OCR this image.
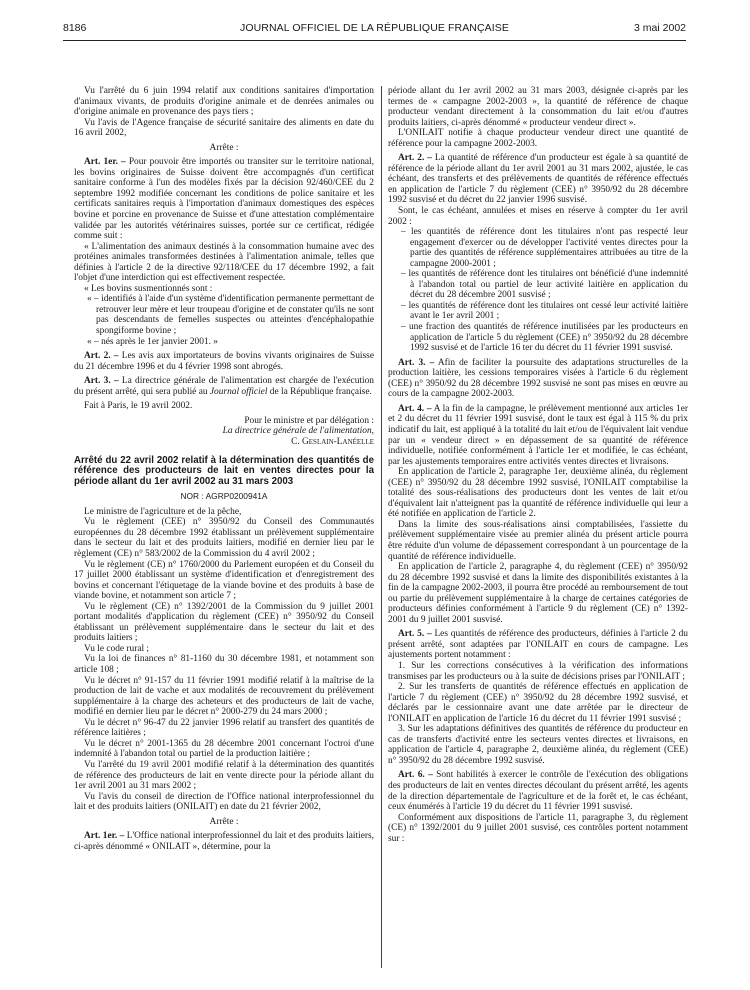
8186	JOURNAL OFFICIEL DE LA RÉPUBLIQUE FRANÇAISE	3 mai 2002

Vu l'arrêté du 6 juin 1994 relatif aux conditions sanitaires d'importation d'animaux vivants, de produits d'origine animale et de denrées animales ou d'origine animale en provenance des pays tiers ;

Vu l'avis de l'Agence française de sécurité sanitaire des aliments en date du 16 avril 2002,

Arrête :

Art. 1er. – Pour pouvoir être importés ou transiter sur le territoire national, les bovins originaires de Suisse doivent être accompagnés d'un certificat sanitaire conforme à l'un des modèles fixés par la décision 92/460/CEE du 2 septembre 1992 modifiée concernant les conditions de police sanitaire et les certificats sanitaires requis à l'importation d'animaux domestiques des espèces bovine et porcine en provenance de Suisse et d'une attestation complémentaire validée par les autorités vétérinaires suisses, portée sur ce certificat, rédigée comme suit :

« L'alimentation des animaux destinés à la consommation humaine avec des protéines animales transformées destinées à l'alimentation animale, telles que définies à l'article 2 de la directive 92/118/CEE du 17 décembre 1992, a fait l'objet d'une interdiction qui est effectivement respectée.

« Les bovins susmentionnés sont :

« – identifiés à l'aide d'un système d'identification permanente permettant de retrouver leur mère et leur troupeau d'origine et de constater qu'ils ne sont pas descendants de femelles suspectes ou atteintes d'encéphalopathie spongiforme bovine ;

« – nés après le 1er janvier 2001. »

Art. 2. – Les avis aux importateurs de bovins vivants originaires de Suisse du 21 décembre 1996 et du 4 février 1998 sont abrogés.

Art. 3. – La directrice générale de l'alimentation est chargée de l'exécution du présent arrêté, qui sera publié au Journal officiel de la République française.

Fait à Paris, le 19 avril 2002.

Pour le ministre et par délégation :

La directrice générale de l'alimentation,

C. Geslain-Lanéelle

Arrêté du 22 avril 2002 relatif à la détermination des quantités de référence des producteurs de lait en ventes directes pour la période allant du 1er avril 2002 au 31 mars 2003

NOR : AGRP0200941A

Le ministre de l'agriculture et de la pêche,

Vu le règlement (CEE) n° 3950/92 du Conseil des Communautés européennes du 28 décembre 1992 établissant un prélèvement supplémentaire dans le secteur du lait et des produits laitiers, modifié en dernier lieu par le règlement (CE) n° 583/2002 de la Commission du 4 avril 2002 ;

Vu le règlement (CE) n° 1760/2000 du Parlement européen et du Conseil du 17 juillet 2000 établissant un système d'identification et d'enregistrement des bovins et concernant l'étiquetage de la viande bovine et des produits à base de viande bovine, et notamment son article 7 ;

Vu le règlement (CE) n° 1392/2001 de la Commission du 9 juillet 2001 portant modalités d'application du règlement (CEE) n° 3950/92 du Conseil établissant un prélèvement supplémentaire dans le secteur du lait et des produits laitiers ;

Vu le code rural ;

Vu la loi de finances n° 81-1160 du 30 décembre 1981, et notamment son article 108 ;

Vu le décret n° 91-157 du 11 février 1991 modifié relatif à la maîtrise de la production de lait de vache et aux modalités de recouvrement du prélèvement supplémentaire à la charge des acheteurs et des producteurs de lait de vache, modifié en dernier lieu par le décret n° 2000-279 du 24 mars 2000 ;

Vu le décret n° 96-47 du 22 janvier 1996 relatif au transfert des quantités de référence laitières ;

Vu le décret n° 2001-1365 du 28 décembre 2001 concernant l'octroi d'une indemnité à l'abandon total ou partiel de la production laitière ;

Vu l'arrêté du 19 avril 2001 modifié relatif à la détermination des quantités de référence des producteurs de lait en vente directe pour la période allant du 1er avril 2001 au 31 mars 2002 ;

Vu l'avis du conseil de direction de l'Office national interprofessionnel du lait et des produits laitiers (ONILAIT) en date du 21 février 2002,

Arrête :

Art. 1er. – L'Office national interprofessionnel du lait et des produits laitiers, ci-après dénommé « ONILAIT », détermine, pour la

période allant du 1er avril 2002 au 31 mars 2003, désignée ci-après par les termes de « campagne 2002-2003 », la quantité de référence de chaque producteur vendant directement à la consommation du lait et/ou d'autres produits laitiers, ci-après dénommé « producteur vendeur direct ».

L'ONILAIT notifie à chaque producteur vendeur direct une quantité de référence pour la campagne 2002-2003.

Art. 2. – La quantité de référence d'un producteur est égale à sa quantité de référence de la période allant du 1er avril 2001 au 31 mars 2002, ajustée, le cas échéant, des transferts et des prélèvements de quantités de référence effectués en application de l'article 7 du règlement (CEE) n° 3950/92 du 28 décembre 1992 susvisé et du décret du 22 janvier 1996 susvisé.

Sont, le cas échéant, annulées et mises en réserve à compter du 1er avril 2002 :

– les quantités de référence dont les titulaires n'ont pas respecté leur engagement d'exercer ou de développer l'activité ventes directes pour la partie des quantités de référence supplémentaires attribuées au titre de la campagne 2000-2001 ;

– les quantités de référence dont les titulaires ont bénéficié d'une indemnité à l'abandon total ou partiel de leur activité laitière en application du décret du 28 décembre 2001 susvisé ;

– les quantités de référence dont les titulaires ont cessé leur activité laitière avant le 1er avril 2001 ;

– une fraction des quantités de référence inutilisées par les producteurs en application de l'article 5 du règlement (CEE) n° 3950/92 du 28 décembre 1992 susvisé et de l'article 16 ter du décret du 11 février 1991 susvisé.

Art. 3. – Afin de faciliter la poursuite des adaptations structurelles de la production laitière, les cessions temporaires visées à l'article 6 du règlement (CEE) n° 3950/92 du 28 décembre 1992 susvisé ne sont pas mises en œuvre au cours de la campagne 2002-2003.

Art. 4. – A la fin de la campagne, le prélèvement mentionné aux articles 1er et 2 du décret du 11 février 1991 susvisé, dont le taux est égal à 115 % du prix indicatif du lait, est appliqué à la totalité du lait et/ou de l'équivalent lait vendue par un « vendeur direct » en dépassement de sa quantité de référence individuelle, notifiée conformément à l'article 1er et modifiée, le cas échéant, par les ajustements temporaires entre activités ventes directes et livraisons.

En application de l'article 2, paragraphe 1er, deuxième alinéa, du règlement (CEE) n° 3950/92 du 28 décembre 1992 susvisé, l'ONILAIT comptabilise la totalité des sous-réalisations des producteurs dont les ventes de lait et/ou d'équivalent lait n'atteignent pas la quantité de référence individuelle qui leur a été notifiée en application de l'article 2.

Dans la limite des sous-réalisations ainsi comptabilisées, l'assiette du prélèvement supplémentaire visée au premier alinéa du présent article pourra être réduite d'un volume de dépassement correspondant à un pourcentage de la quantité de référence individuelle.

En application de l'article 2, paragraphe 4, du règlement (CEE) n° 3950/92 du 28 décembre 1992 susvisé et dans la limite des disponibilités existantes à la fin de la campagne 2002-2003, il pourra être procédé au remboursement de tout ou partie du prélèvement supplémentaire à la charge de certaines catégories de producteurs définies conformément à l'article 9 du règlement (CE) n° 1392-2001 du 9 juillet 2001 susvisé.

Art. 5. – Les quantités de référence des producteurs, définies à l'article 2 du présent arrêté, sont adaptées par l'ONILAIT en cours de campagne. Les ajustements portent notamment :

1. Sur les corrections consécutives à la vérification des informations transmises par les producteurs ou à la suite de décisions prises par l'ONILAIT ;

2. Sur les transferts de quantités de référence effectués en application de l'article 7 du règlement (CEE) n° 3950/92 du 28 décembre 1992 susvisé, et déclarés par le cessionnaire avant une date arrêtée par le directeur de l'ONILAIT en application de l'article 16 du décret du 11 février 1991 susvisé ;

3. Sur les adaptations définitives des quantités de référence du producteur en cas de transferts d'activité entre les secteurs ventes directes et livraisons, en application de l'article 4, paragraphe 2, deuxième alinéa, du règlement (CEE) n° 3950/92 du 28 décembre 1992 susvisé.

Art. 6. – Sont habilités à exercer le contrôle de l'exécution des obligations des producteurs de lait en ventes directes découlant du présent arrêté, les agents de la direction départementale de l'agriculture et de la forêt et, le cas échéant, ceux énumérés à l'article 19 du décret du 11 février 1991 susvisé.

Conformément aux dispositions de l'article 11, paragraphe 3, du règlement (CE) n° 1392/2001 du 9 juillet 2001 susvisé, ces contrôles portent notamment sur :
